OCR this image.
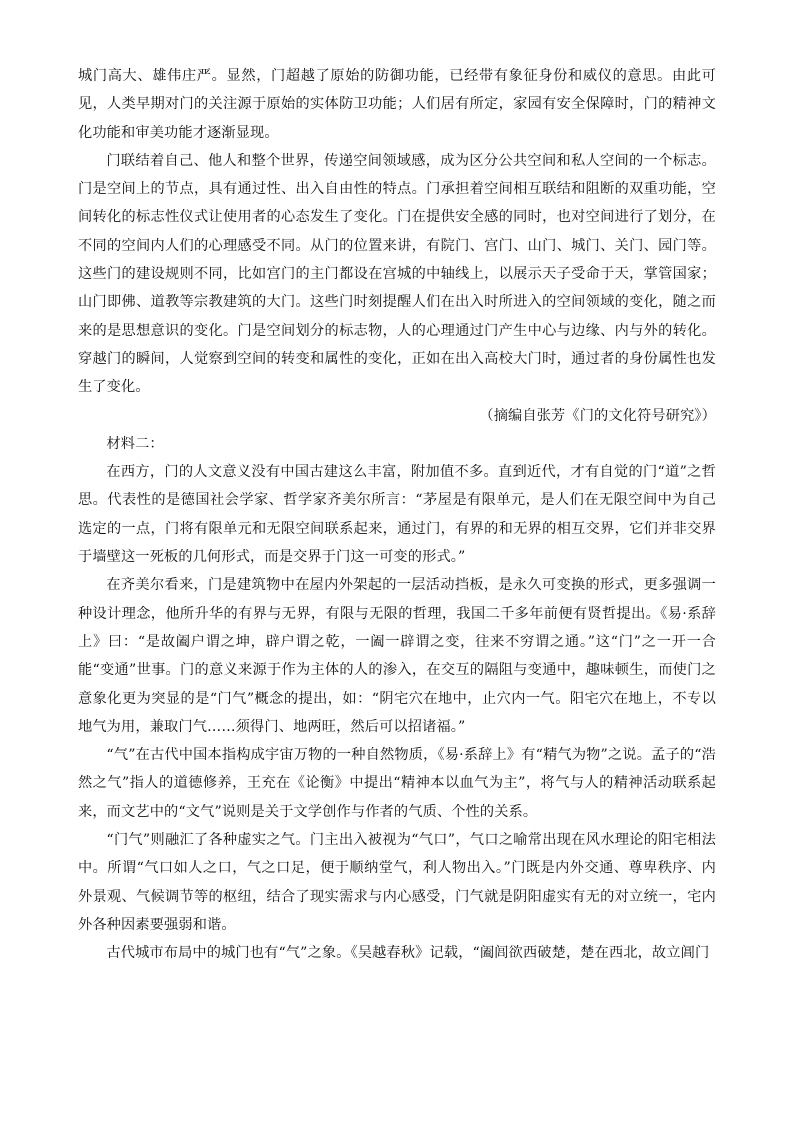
城门高大、雄伟庄严。显然，门超越了原始的防御功能，已经带有象征身份和威仪的意思。由此可见，人类早期对门的关注源于原始的实体防卫功能；人们居有所定，家园有安全保障时，门的精神文化功能和审美功能才逐渐显现。

门联结着自己、他人和整个世界，传递空间领域感，成为区分公共空间和私人空间的一个标志。门是空间上的节点，具有通过性、出入自由性的特点。门承担着空间相互联结和阻断的双重功能，空间转化的标志性仪式让使用者的心态发生了变化。门在提供安全感的同时，也对空间进行了划分，在不同的空间内人们的心理感受不同。从门的位置来讲，有院门、宫门、山门、城门、关门、园门等。这些门的建设规则不同，比如宫门的主门都设在宫城的中轴线上，以展示天子受命于天，掌管国家；山门即佛、道教等宗教建筑的大门。这些门时刻提醒人们在出入时所进入的空间领域的变化，随之而来的是思想意识的变化。门是空间划分的标志物，人的心理通过门产生中心与边缘、内与外的转化。穿越门的瞬间，人觉察到空间的转变和属性的变化，正如在出入高校大门时，通过者的身份属性也发生了变化。

（摘编自张芳《门的文化符号研究》）

材料二：

在西方，门的人文意义没有中国古建这么丰富，附加值不多。直到近代，才有自觉的门“道”之哲思。代表性的是德国社会学家、哲学家齐美尔所言：“茅屋是有限单元，是人们在无限空间中为自己选定的一点，门将有限单元和无限空间联系起来，通过门，有界的和无界的相互交界，它们并非交界于墙壁这一死板的几何形式，而是交界于门这一可变的形式。”

在齐美尔看来，门是建筑物中在屋内外架起的一层活动挡板，是永久可变换的形式，更多强调一种设计理念，他所升华的有界与无界，有限与无限的哲理，我国二千多年前便有贤哲提出。《易·系辞上》曰：“是故阖户谓之坤，辟户谓之乾，一阖一辟谓之变，往来不穷谓之通。”这“门”之一开一合能“变通”世事。门的意义来源于作为主体的人的渗入，在交互的隔阻与变通中，趣味顿生，而使门之意象化更为突显的是“门气”概念的提出，如：“阴宅穴在地中，止穴内一气。阳宅穴在地上，不专以地气为用，兼取门气……须得门、地两旺，然后可以招诸福。”

“气”在古代中国本指构成宇宙万物的一种自然物质，《易·系辞上》有“精气为物”之说。孟子的“浩然之气”指人的道德修养，王充在《论衡》中提出“精神本以血气为主”，将气与人的精神活动联系起来，而文艺中的“文气”说则是关于文学创作与作者的气质、个性的关系。

“门气”则融汇了各种虚实之气。门主出入被视为“气口”，气口之喻常出现在风水理论的阳宅相法中。所谓“气口如人之口，气之口足，便于顺纳堂气，利人物出入。”门既是内外交通、尊卑秩序、内外景观、气候调节等的枢纽，结合了现实需求与内心感受，门气就是阴阳虚实有无的对立统一，宅内外各种因素要强弱和谐。

古代城市布局中的城门也有“气”之象。《吴越春秋》记载，“阖闾欲西破楚，楚在西北，故立阊门
